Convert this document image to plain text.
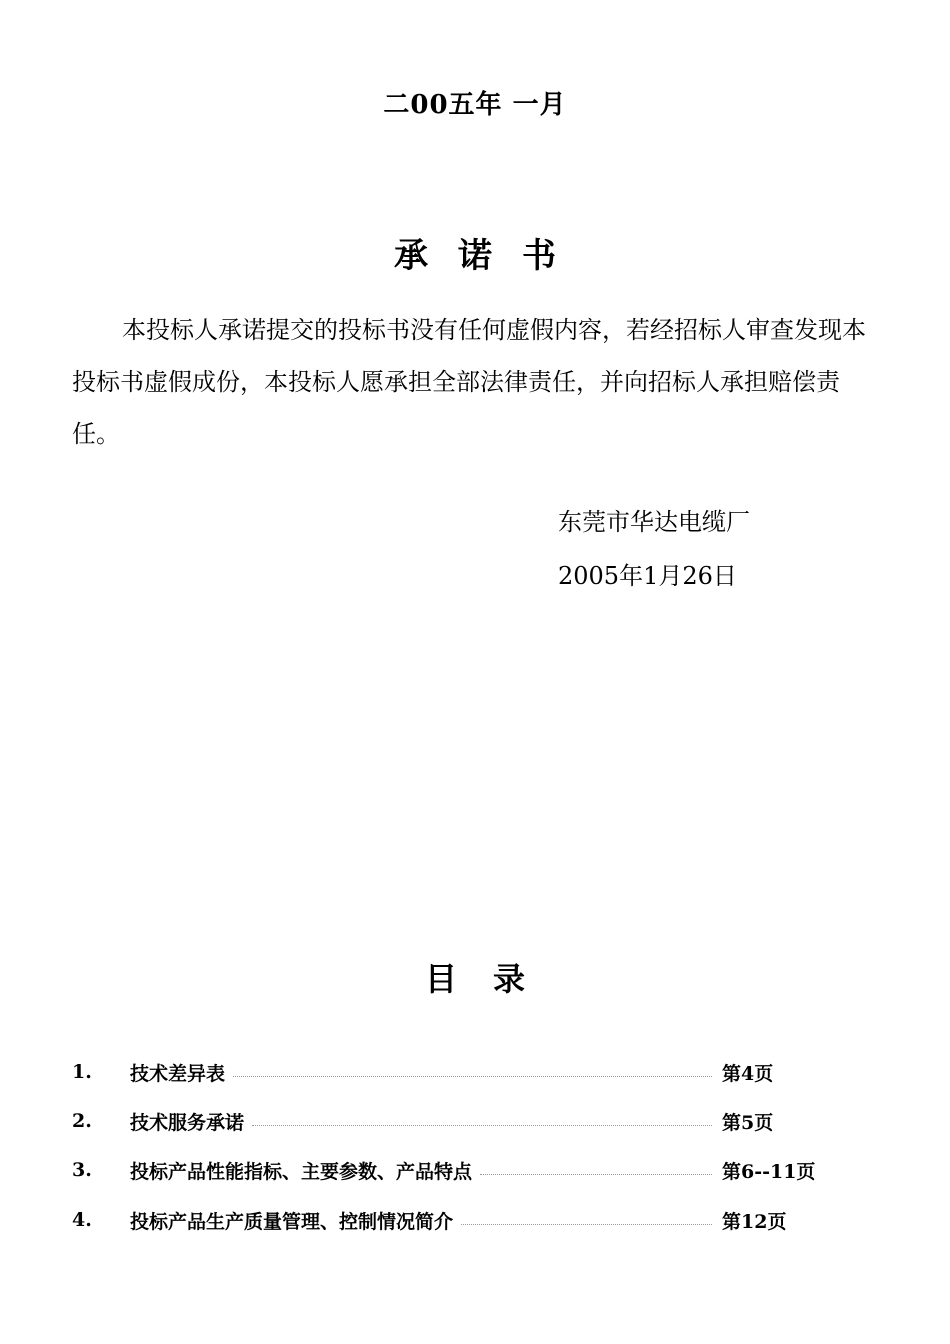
二00五年 一月
承诺书
本投标人承诺提交的投标书没有任何虚假内容，若经招标人审查发现本投标书虚假成份，本投标人愿承担全部法律责任，并向招标人承担赔偿责任。
东莞市华达电缆厂
2005年1月26日
目录
1.	技术差异表	第4页
2.	技术服务承诺	第5页
3.	投标产品性能指标、主要参数、产品特点	第6--11页
4.	投标产品生产质量管理、控制情况简介	第12页
